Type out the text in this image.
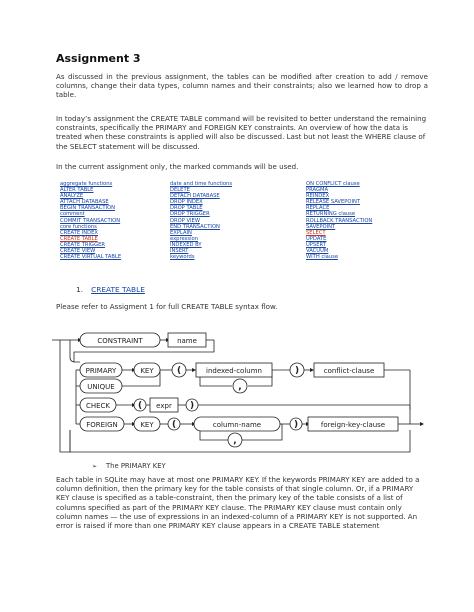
Assignment 3
As discussed in the previous assignment, the tables can be modified after creation to add / remove columns, change their data types, column names and their constraints; also we learned how to drop a table.
In today’s assignment the CREATE TABLE command will be revisited to better understand the remaining constraints, specifically the PRIMARY and FOREIGN KEY constraints. An overview of how the data is treated when these constraints is applied will also be discussed. Last but not least the WHERE clause of the SELECT statement will be discussed.
In the current assignment only, the marked commands will be used.
aggregate functions
ALTER TABLE
ANALYZE
ATTACH DATABASE
BEGIN TRANSACTION
comment
COMMIT TRANSACTION
core functions
CREATE INDEX
CREATE TABLE
CREATE TRIGGER
CREATE VIEW
CREATE VIRTUAL TABLE
date and time functions
DELETE
DETACH DATABASE
DROP INDEX
DROP TABLE
DROP TRIGGER
DROP VIEW
END TRANSACTION
EXPLAIN
expression
INDEXED BY
INSERT
keywords
ON CONFLICT clause
PRAGMA
REINDEX
RELEASE SAVEPOINT
REPLACE
RETURNING clause
ROLLBACK TRANSACTION
SAVEPOINT
SELECT
UPDATE
UPSERT
VACUUM
WITH clause
1. CREATE TABLE
Please refer to Assigment 1 for full CREATE TABLE syntax flow.
CONSTRAINT	name
PRIMARY	KEY	(	indexed-column	)	conflict-clause
,
UNIQUE
CHECK	( expr )
FOREIGN	KEY (	column-name	)	foreign-key-clause
,
➢ The PRIMARY KEY
Each table in SQLite may have at most one PRIMARY KEY. If the keywords PRIMARY KEY are added to a column definition, then the primary key for the table consists of that single column. Or, if a PRIMARY KEY clause is specified as a table-constraint, then the primary key of the table consists of a list of columns specified as part of the PRIMARY KEY clause. The PRIMARY KEY clause must contain only column names — the use of expressions in an indexed-column of a PRIMARY KEY is not supported. An error is raised if more than one PRIMARY KEY clause appears in a CREATE TABLE statement
